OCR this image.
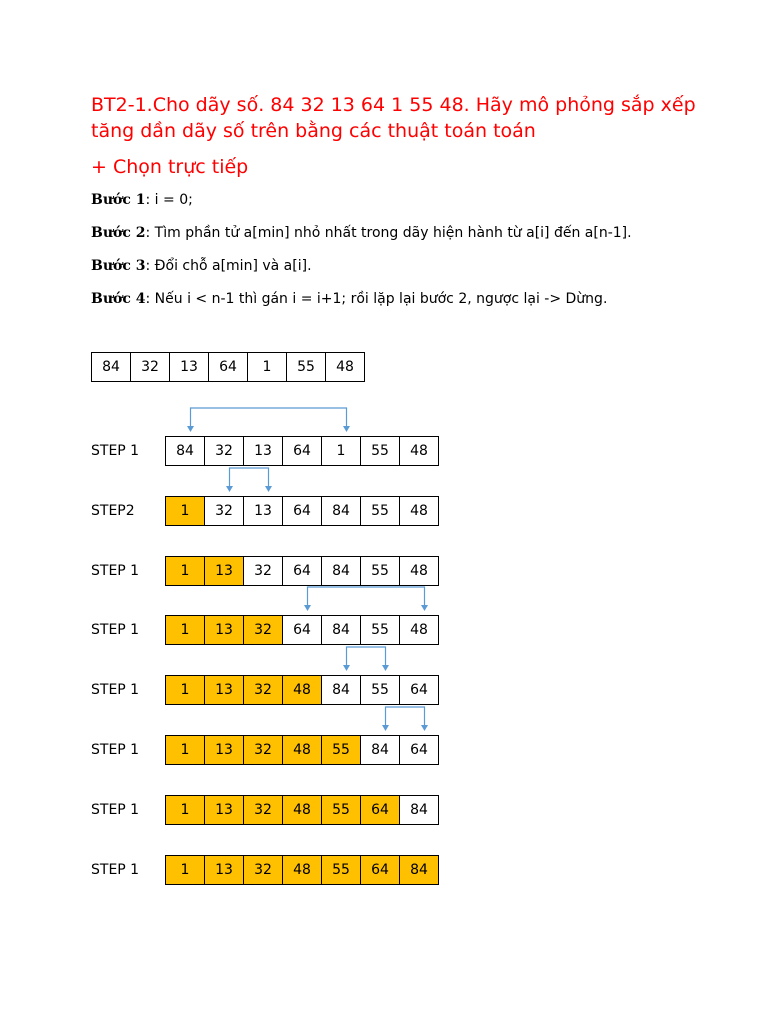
BT2-1.Cho dãy số. 84 32 13 64 1 55 48. Hãy mô phỏng sắp xếp tăng dần dãy số trên bằng các thuật toán toán
+ Chọn trực tiếp
Bước 1: i = 0;
Bước 2: Tìm phần tử a[min] nhỏ nhất trong dãy hiện hành từ a[i] đến a[n-1].
Bước 3: Đổi chỗ a[min] và a[i].
Bước 4: Nếu i < n-1 thì gán i = i+1; rồi lặp lại bước 2, ngược lại -> Dừng.
84	32	13	64	1	55	48
STEP 1	84	32	13	64	1	55	48
STEP2	1	32	13	64	84	55	48
STEP 1	1	13	32	64	84	55	48
STEP 1	1	13	32	64	84	55	48
STEP 1	1	13	32	48	84	55	64
STEP 1	1	13	32	48	55	84	64
STEP 1	1	13	32	48	55	64	84
STEP 1	1	13	32	48	55	64	84
